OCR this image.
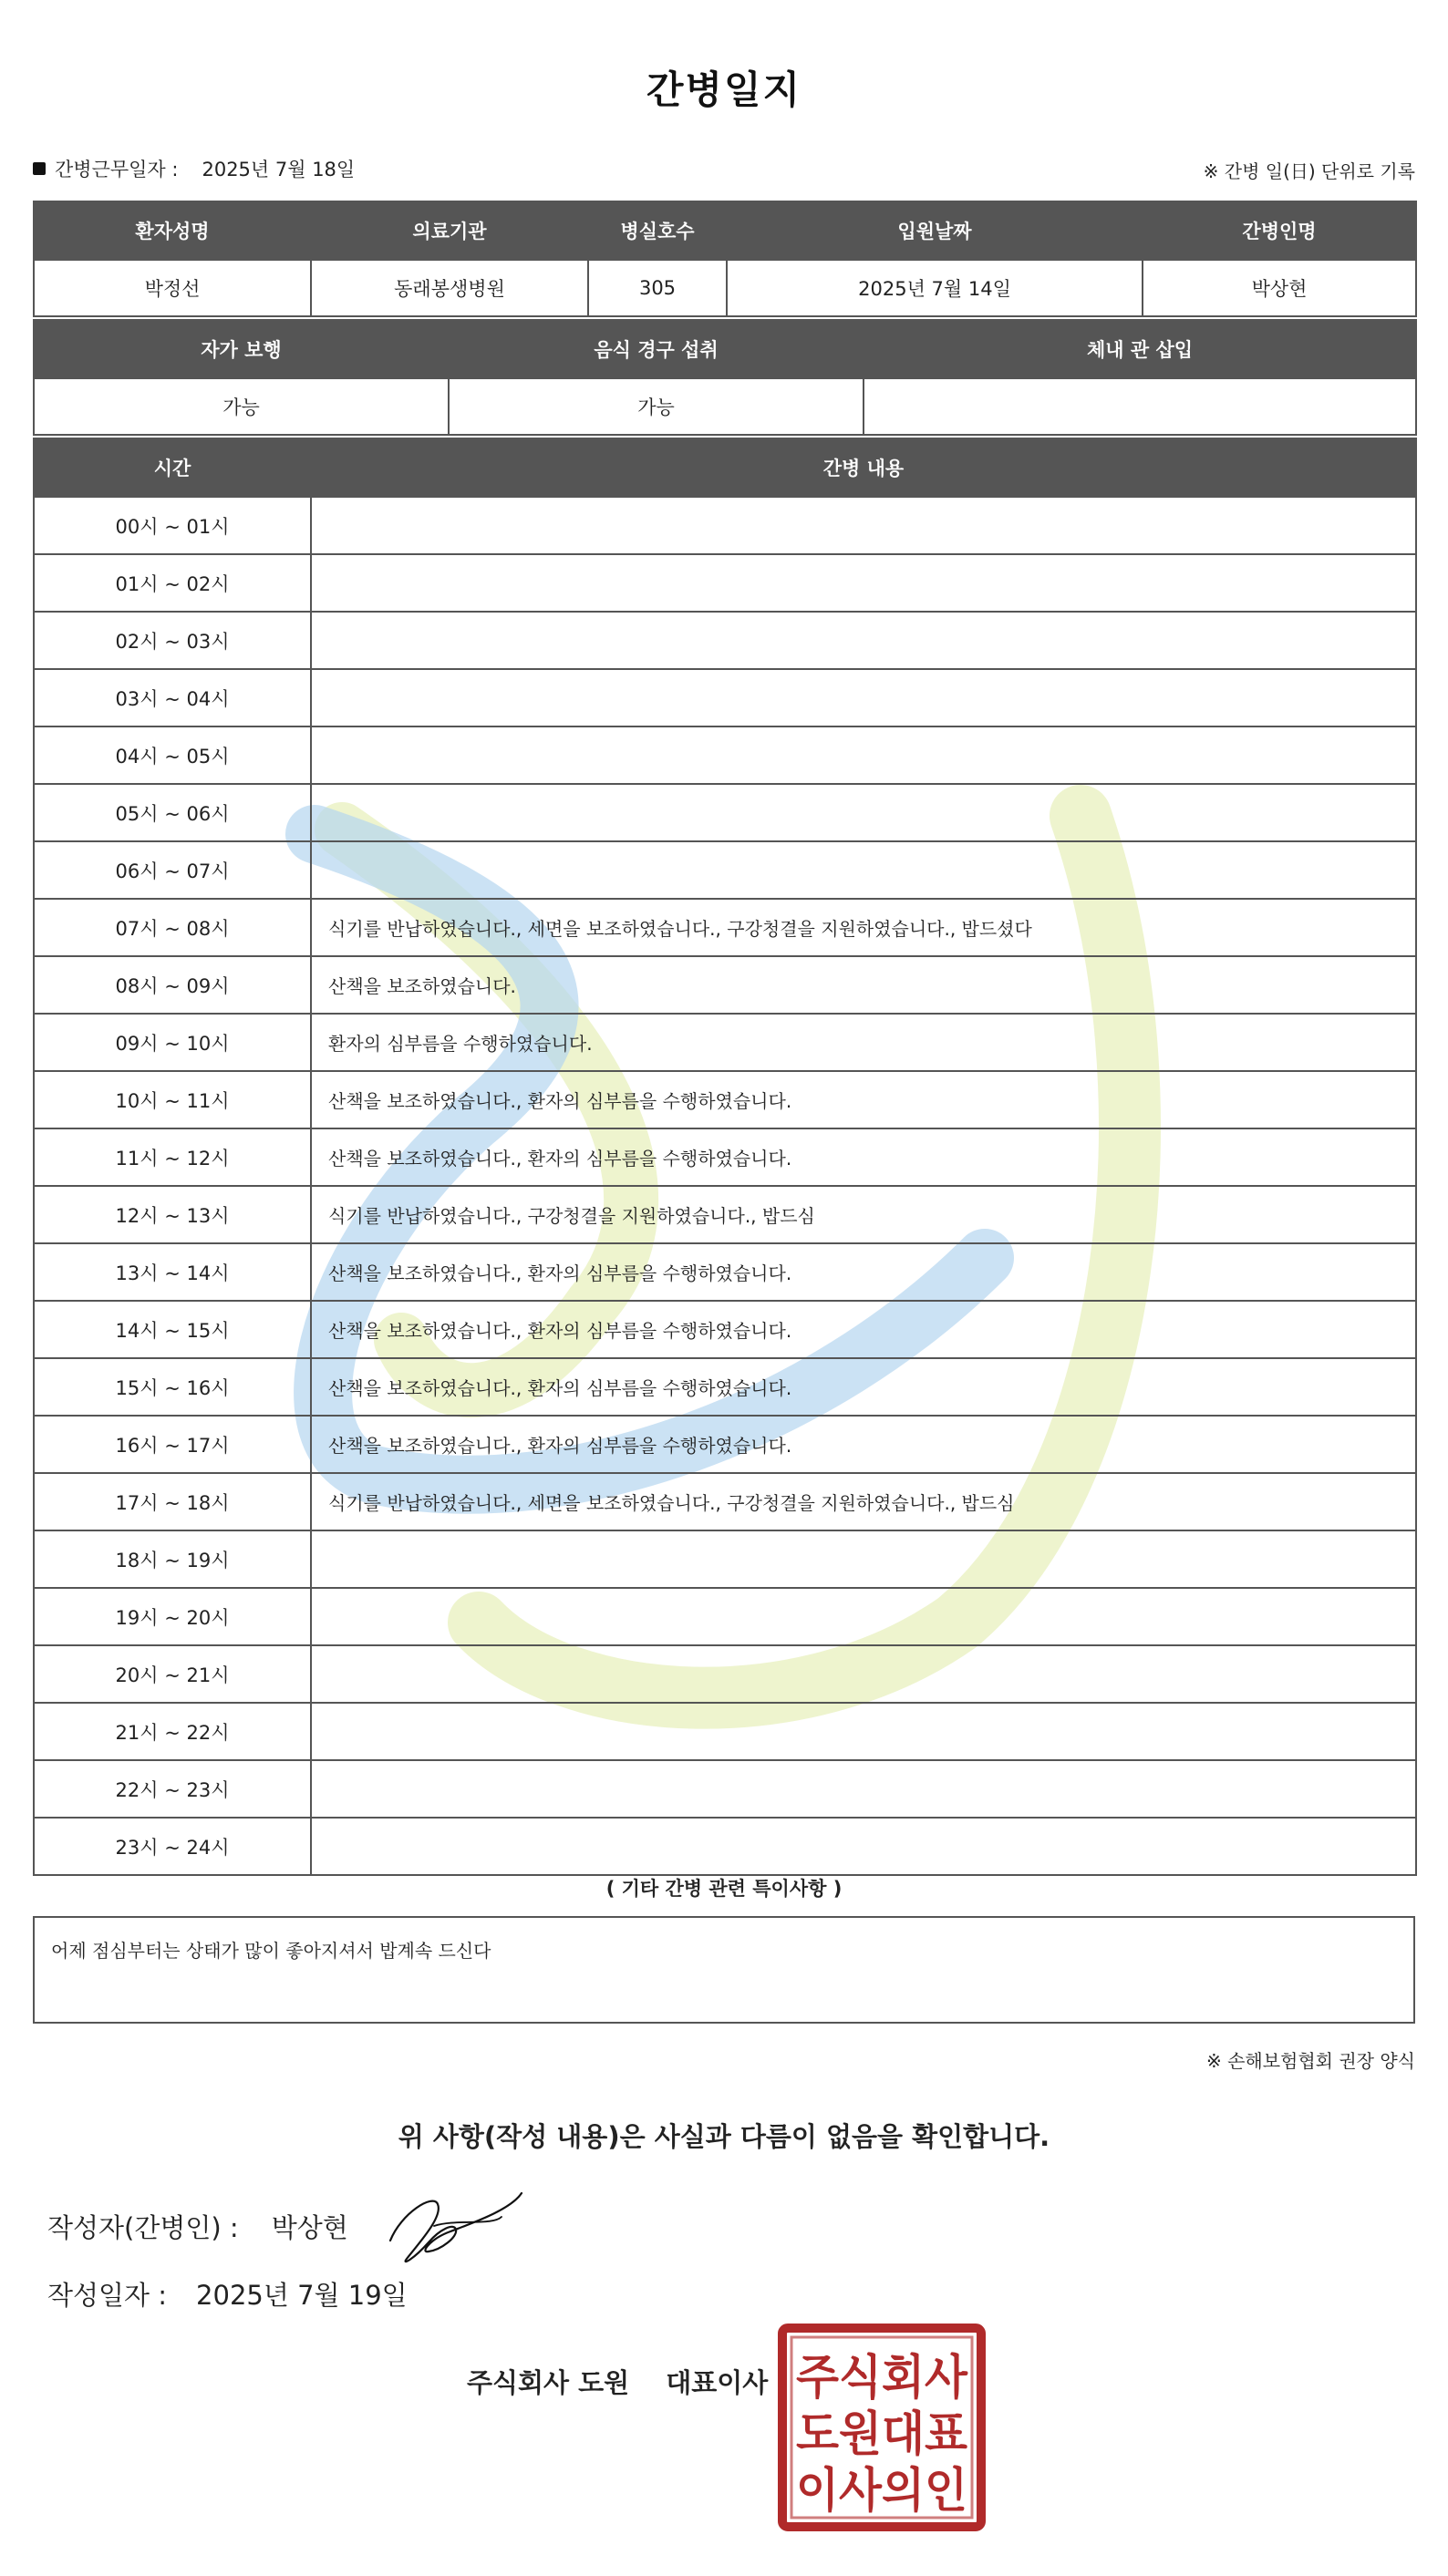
간병일지
간병근무일자 : 2025년 7월 18일	※ 간병 일(日) 단위로 기록
환자성명	의료기관	병실호수	입원날짜	간병인명
박정선	동래봉생병원	305	2025년 7월 14일	박상현
자가 보행	음식 경구 섭취	체내 관 삽입
가능	가능	
시간	간병 내용
00시 ~ 01시	
01시 ~ 02시	
02시 ~ 03시	
03시 ~ 04시	
04시 ~ 05시	
05시 ~ 06시	
06시 ~ 07시	
07시 ~ 08시	식기를 반납하였습니다., 세면을 보조하였습니다., 구강청결을 지원하였습니다., 밥드셨다
08시 ~ 09시	산책을 보조하였습니다.
09시 ~ 10시	환자의 심부름을 수행하였습니다.
10시 ~ 11시	산책을 보조하였습니다., 환자의 심부름을 수행하였습니다.
11시 ~ 12시	산책을 보조하였습니다., 환자의 심부름을 수행하였습니다.
12시 ~ 13시	식기를 반납하였습니다., 구강청결을 지원하였습니다., 밥드심
13시 ~ 14시	산책을 보조하였습니다., 환자의 심부름을 수행하였습니다.
14시 ~ 15시	산책을 보조하였습니다., 환자의 심부름을 수행하였습니다.
15시 ~ 16시	산책을 보조하였습니다., 환자의 심부름을 수행하였습니다.
16시 ~ 17시	산책을 보조하였습니다., 환자의 심부름을 수행하였습니다.
17시 ~ 18시	식기를 반납하였습니다., 세면을 보조하였습니다., 구강청결을 지원하였습니다., 밥드심
18시 ~ 19시	
19시 ~ 20시	
20시 ~ 21시	
21시 ~ 22시	
22시 ~ 23시	
23시 ~ 24시	
( 기타 간병 관련 특이사항 )
어제 점심부터는 상태가 많이 좋아지셔서 밥계속 드신다
※ 손해보험협회 권장 양식
위 사항(작성 내용)은 사실과 다름이 없음을 확인합니다.
작성자(간병인) : 박상현
작성일자 : 2025년 7월 19일
주식회사 도원 대표이사 주식회사
도원대표
이사의인
